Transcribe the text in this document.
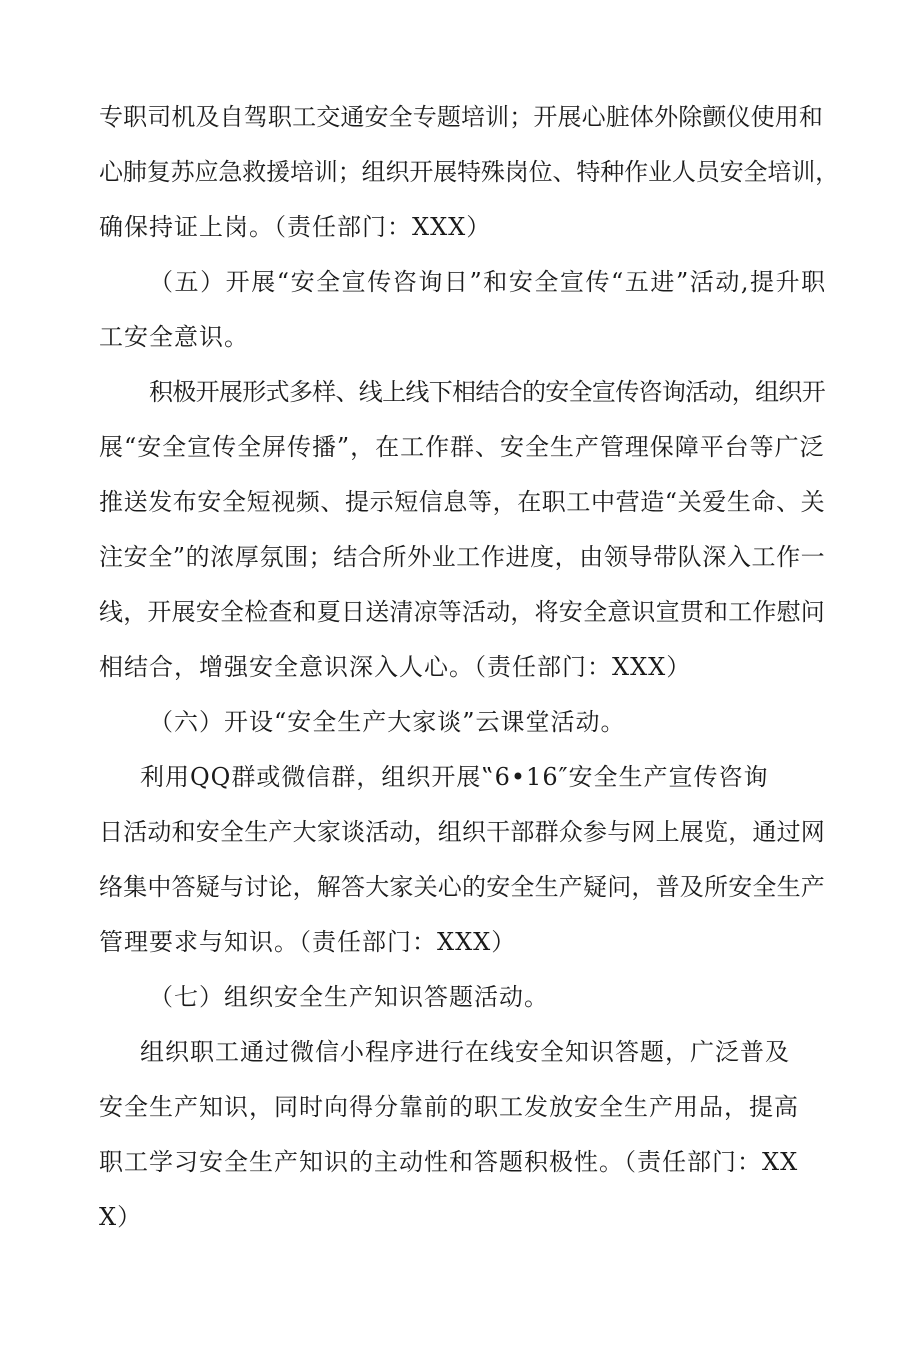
专职司机及自驾职工交通安全专题培训；开展心脏体外除颤仪使用和
心肺复苏应急救援培训；组织开展特殊岗位、特种作业人员安全培训，
确保持证上岗。（责任部门：XXX）
（五）开展“安全宣传咨询日”和安全宣传“五进”活动,提升职
工安全意识。
积极开展形式多样、线上线下相结合的安全宣传咨询活动，组织开
展“安全宣传全屏传播”，在工作群、安全生产管理保障平台等广泛
推送发布安全短视频、提示短信息等，在职工中营造“关爱生命、关
注安全”的浓厚氛围；结合所外业工作进度，由领导带队深入工作一
线，开展安全检查和夏日送清凉等活动，将安全意识宣贯和工作慰问
相结合，增强安全意识深入人心。（责任部门：XXX）
（六）开设“安全生产大家谈”云课堂活动。
利用QQ群或微信群，组织开展‟6•16″安全生产宣传咨询
日活动和安全生产大家谈活动，组织干部群众参与网上展览，通过网
络集中答疑与讨论，解答大家关心的安全生产疑问，普及所安全生产
管理要求与知识。（责任部门：XXX）
（七）组织安全生产知识答题活动。
组织职工通过微信小程序进行在线安全知识答题，广泛普及
安全生产知识，同时向得分靠前的职工发放安全生产用品，提高
职工学习安全生产知识的主动性和答题积极性。（责任部门：XX
X）
